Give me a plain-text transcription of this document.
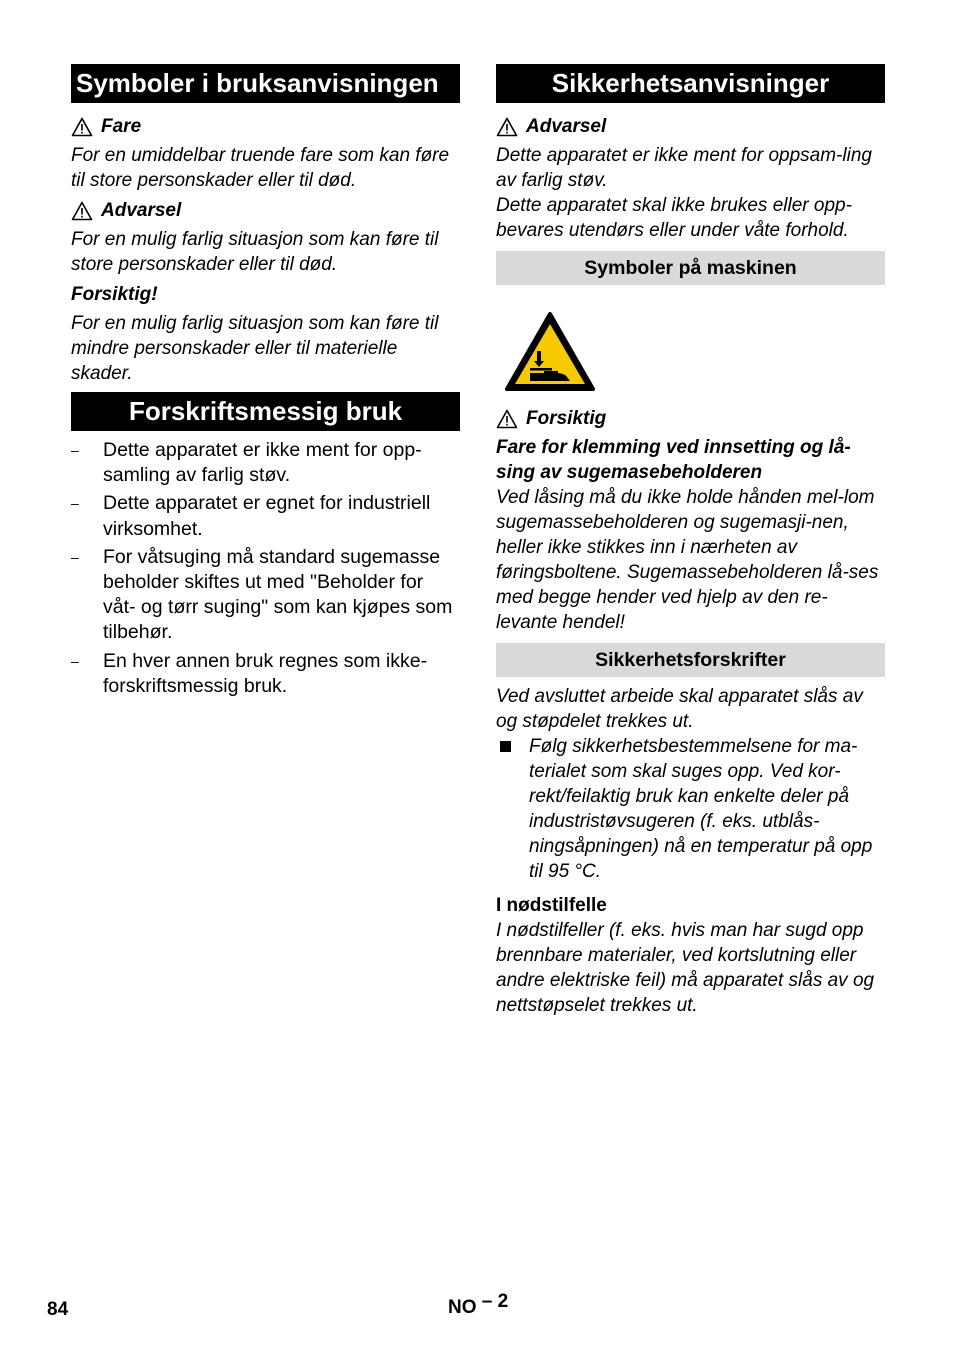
Symboler i bruksanvisningen
Fare

For en umiddelbar truende fare som kan føre til store personskader eller til død.

Advarsel

For en mulig farlig situasjon som kan føre til store personskader eller til død.

Forsiktig!

For en mulig farlig situasjon som kan føre til mindre personskader eller til materielle skader.

Forskriftsmessig bruk
– Dette apparatet er ikke ment for opp-samling av farlig støv.
– Dette apparatet er egnet for industriell virksomhet.
– For våtsuging må standard sugemasse beholder skiftes ut med "Beholder for våt- og tørr suging" som kan kjøpes som tilbehør.
– En hver annen bruk regnes som ikke-forskriftsmessig bruk.
Sikkerhetsanvisninger
Advarsel

Dette apparatet er ikke ment for oppsam-ling av farlig støv.

Dette apparatet skal ikke brukes eller opp-bevares utendørs eller under våte forhold.

Symboler på maskinen
Forsiktig

Fare for klemming ved innsetting og lå-sing av sugemasebeholderen

Ved låsing må du ikke holde hånden mel-lom sugemassebeholderen og sugemasji-nen, heller ikke stikkes inn i nærheten av føringsboltene. Sugemassebeholderen lå-ses med begge hender ved hjelp av den re-levante hendel!

Sikkerhetsforskrifter

Ved avsluttet arbeide skal apparatet slås av og støpdelet trekkes ut.

Følg sikkerhetsbestemmelsene for ma-terialet som skal suges opp. Ved kor-rekt/feilaktig bruk kan enkelte deler på industristøvsugeren (f. eks. utblås-ningsåpningen) nå en temperatur på opp til 95 °C.

I nødstilfelle

I nødstilfeller (f. eks. hvis man har sugd opp brennbare materialer, ved kortslutning eller andre elektriske feil) må apparatet slås av og nettstøpselet trekkes ut.

84	NO – 2
